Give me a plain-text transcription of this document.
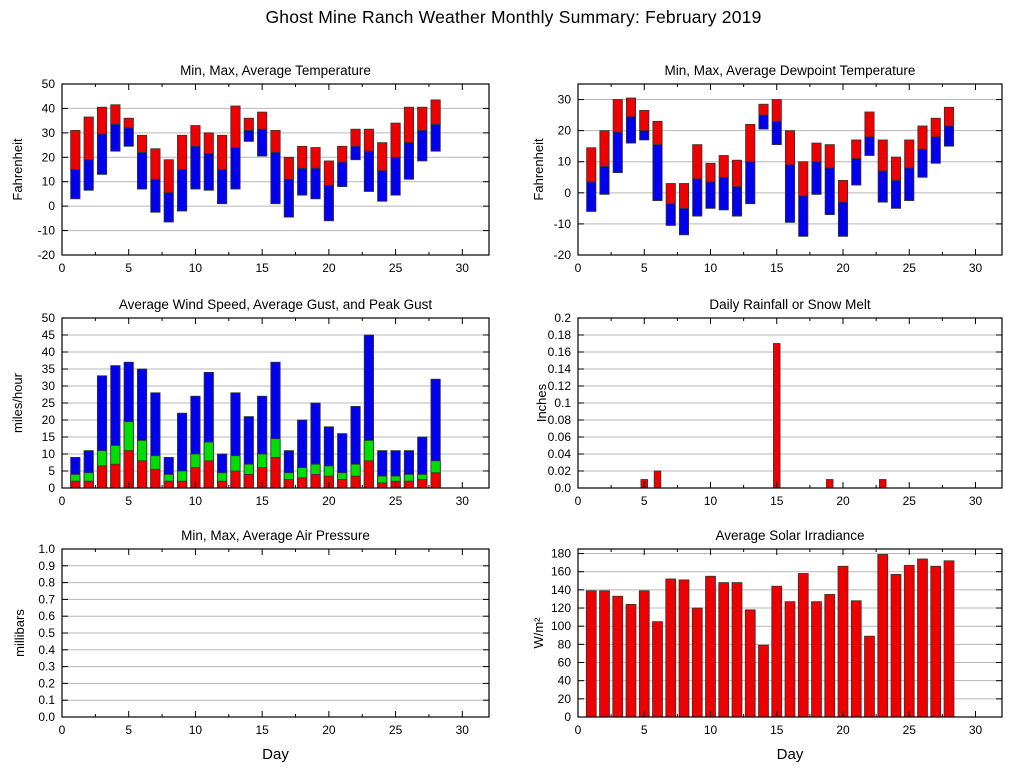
Ghost Mine Ranch Weather Monthly Summary: February 2019
0	5	10	15	20	25	30
-20
-10
0
10
20
30
40
50
Min, Max, Average Temperature
Fahrenheit
0	5	10	15	20	25	30
-20
-10
0
10
20
30
Min, Max, Average Dewpoint Temperature
Fahrenheit
0	5	10	15	20	25	30
0
5
10
15
20
25
30
35
40
45
50
Average Wind Speed, Average Gust, and Peak Gust
miles/hour
0	5	10	15	20	25	30
0.0
0.02
0.04
0.06
0.08
0.1
0.12
0.14
0.16
0.18
0.2
Daily Rainfall or Snow Melt
Inches
0	5	10	15	20	25	30
0.0
0.1
0.2
0.3
0.4
0.5
0.6
0.7
0.8
0.9
1.0
Min, Max, Average Air Pressure
millibars
Day
0	5	10	15	20	25	30
0
20
40
60
80
100
120
140
160
180
Average Solar Irradiance
W/m²
Day
